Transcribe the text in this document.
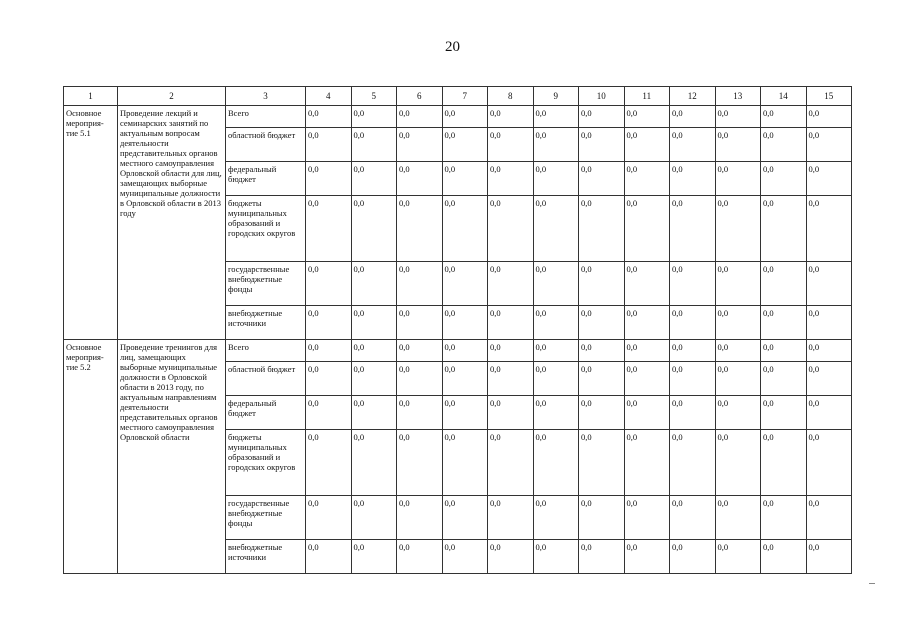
20
1	2	3	4	5	6	7	8	9	10	11	12	13	14	15
Основное мероприя-тие 5.1	Проведение лекций и семинарских занятий по актуальным вопросам деятельности представительных органов местного самоуправления Орловской области для лиц, замещающих выборные муниципальные должности в Орловской области в 2013 году	Всего	0,0	0,0	0,0	0,0	0,0	0,0	0,0	0,0	0,0	0,0	0,0	0,0
		областной бюджет	0,0	0,0	0,0	0,0	0,0	0,0	0,0	0,0	0,0	0,0	0,0	0,0
		федеральный бюджет	0,0	0,0	0,0	0,0	0,0	0,0	0,0	0,0	0,0	0,0	0,0	0,0
		бюджеты муниципальных образований и городских округов	0,0	0,0	0,0	0,0	0,0	0,0	0,0	0,0	0,0	0,0	0,0	0,0
		государственные внебюджетные фонды	0,0	0,0	0,0	0,0	0,0	0,0	0,0	0,0	0,0	0,0	0,0	0,0
		внебюджетные источники	0,0	0,0	0,0	0,0	0,0	0,0	0,0	0,0	0,0	0,0	0,0	0,0
Основное мероприя-тие 5.2	Проведение тренингов для лиц, замещающих выборные муниципальные должности в Орловской области в 2013 году, по актуальным направлениям деятельности представительных органов местного самоуправления Орловской области	Всего	0,0	0,0	0,0	0,0	0,0	0,0	0,0	0,0	0,0	0,0	0,0	0,0
		областной бюджет	0,0	0,0	0,0	0,0	0,0	0,0	0,0	0,0	0,0	0,0	0,0	0,0
		федеральный бюджет	0,0	0,0	0,0	0,0	0,0	0,0	0,0	0,0	0,0	0,0	0,0	0,0
		бюджеты муниципальных образований и городских округов	0,0	0,0	0,0	0,0	0,0	0,0	0,0	0,0	0,0	0,0	0,0	0,0
		государственные внебюджетные фонды	0,0	0,0	0,0	0,0	0,0	0,0	0,0	0,0	0,0	0,0	0,0	0,0
		внебюджетные источники	0,0	0,0	0,0	0,0	0,0	0,0	0,0	0,0	0,0	0,0	0,0	0,0
